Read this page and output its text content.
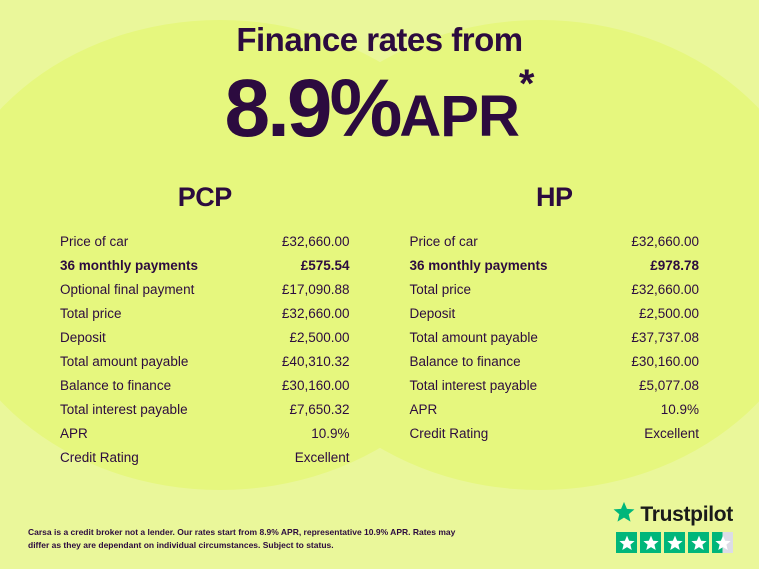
Finance rates from
8.9%APR*
PCP
Price of car	£32,660.00
36 monthly payments	£575.54
Optional final payment	£17,090.88
Total price	£32,660.00
Deposit	£2,500.00
Total amount payable	£40,310.32
Balance to finance	£30,160.00
Total interest payable	£7,650.32
APR	10.9%
Credit Rating	Excellent
HP
Price of car	£32,660.00
36 monthly payments	£978.78
Total price	£32,660.00
Deposit	£2,500.00
Total amount payable	£37,737.08
Balance to finance	£30,160.00
Total interest payable	£5,077.08
APR	10.9%
Credit Rating	Excellent
Carsa is a credit broker not a lender. Our rates start from 8.9% APR, representative 10.9% APR. Rates may differ as they are dependant on individual circumstances. Subject to status.
Trustpilot
